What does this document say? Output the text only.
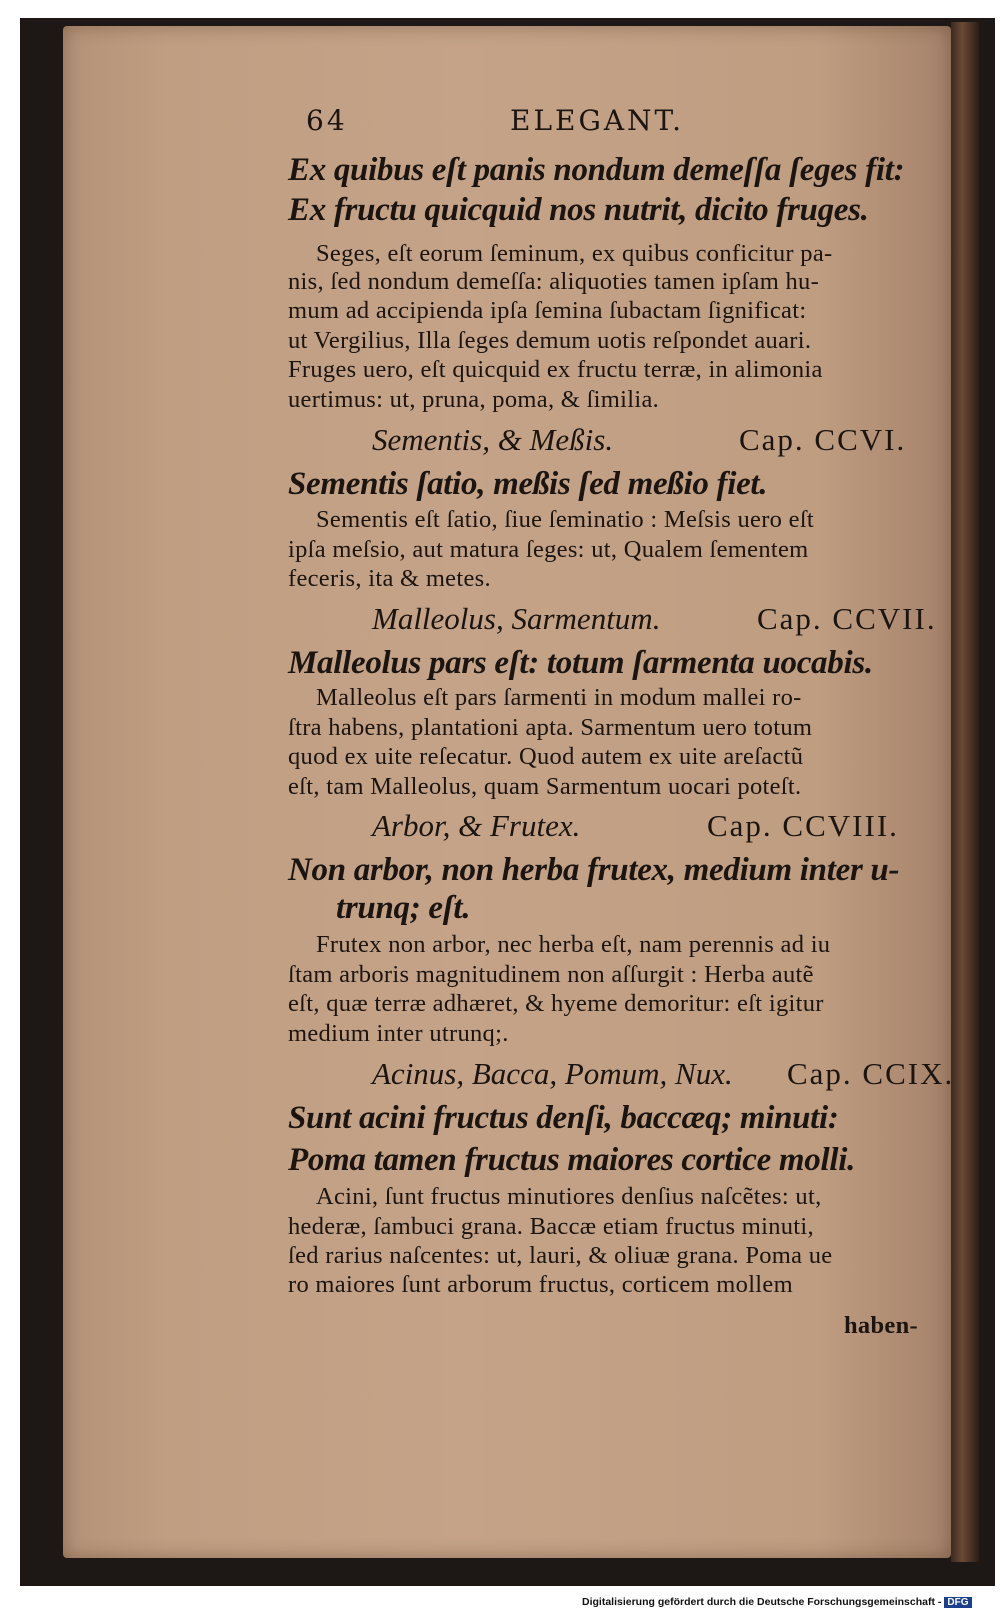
64	ELEGANT.
Ex quibus eſt panis nondum demeſſa ſeges fit:
Ex fructu quicquid nos nutrit, dicito fruges.
Seges, eſt eorum ſeminum, ex quibus conficitur pa-
nis, ſed nondum demeſſa: aliquoties tamen ipſam hu-
mum ad accipienda ipſa ſemina ſubactam ſignificat:
ut Vergilius, Illa ſeges demum uotis reſpondet auari.
Fruges uero, eſt quicquid ex fructu terræ, in alimonia
uertimus: ut, pruna, poma, & ſimilia.
Sementis, & Meßis.	Cap. CCVI.
Sementis ſatio, meßis ſed meßio fiet.
Sementis eſt ſatio, ſiue ſeminatio : Meſsis uero eſt
ipſa meſsio, aut matura ſeges: ut, Qualem ſementem
feceris, ita & metes.
Malleolus, Sarmentum.	Cap. CCVII.
Malleolus pars eſt: totum ſarmenta uocabis.
Malleolus eſt pars ſarmenti in modum mallei ro-
ſtra habens, plantationi apta. Sarmentum uero totum
quod ex uite reſecatur. Quod autem ex uite areſactũ
eſt, tam Malleolus, quam Sarmentum uocari poteſt.
Arbor, & Frutex.	Cap. CCVIII.
Non arbor, non herba frutex, medium inter u-
trunq; eſt.
Frutex non arbor, nec herba eſt, nam perennis ad iu
ſtam arboris magnitudinem non aſſurgit : Herba autẽ
eſt, quæ terræ adhæret, & hyeme demoritur: eſt igitur
medium inter utrunq;.
Acinus, Bacca, Pomum, Nux. Cap. CCIX.
Sunt acini fructus denſi, baccæq; minuti:
Poma tamen fructus maiores cortice molli.
Acini, ſunt fructus minutiores denſius naſcẽtes: ut,
hederæ, ſambuci grana. Baccæ etiam fructus minuti,
ſed rarius naſcentes: ut, lauri, & oliuæ grana. Poma ue
ro maiores ſunt arborum fructus, corticem mollem
haben-
Digitalisierung gefördert durch die Deutsche Forschungsgemeinschaft - DFG
